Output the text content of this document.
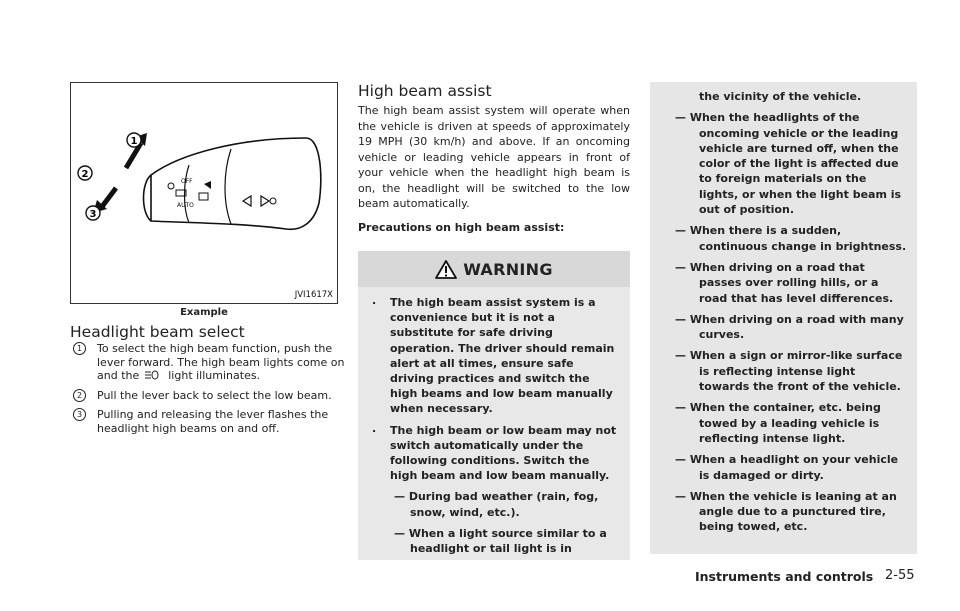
OFF
AUTO
1
2
3
JVI1617X
Example
Headlight beam select
1	To select the high beam function, push the lever forward. The high beam lights come on and the	light illuminates.
2	Pull the lever back to select the low beam.
3	Pulling and releasing the lever flashes the headlight high beams on and off.
High beam assist

The high beam assist system will operate when the vehicle is driven at speeds of approximately 19 MPH (30 km/h) and above. If an oncoming vehicle or leading vehicle appears in front of your vehicle when the headlight high beam is on, the headlight will be switched to the low beam automatically.

Precautions on high beam assist:

WARNING
. The high beam assist system is a convenience but it is not a substitute for safe driving operation. The driver should remain alert at all times, ensure safe driving practices and switch the high beams and low beam manually when necessary.
. The high beam or low beam may not switch automatically under the following conditions. Switch the high beam and low beam manually.
— During bad weather (rain, fog, snow, wind, etc.).
— When a light source similar to a headlight or tail light is in
the vicinity of the vehicle.
— When the headlights of the oncoming vehicle or the leading vehicle are turned off, when the color of the light is affected due to foreign materials on the lights, or when the light beam is out of position.
— When there is a sudden, continuous change in brightness.
— When driving on a road that passes over rolling hills, or a road that has level differences.
— When driving on a road with many curves.
— When a sign or mirror-like surface is reflecting intense light towards the front of the vehicle.
— When the container, etc. being towed by a leading vehicle is reflecting intense light.
— When a headlight on your vehicle is damaged or dirty.
— When the vehicle is leaning at an angle due to a punctured tire, being towed, etc.
Instruments and controls 2-55
